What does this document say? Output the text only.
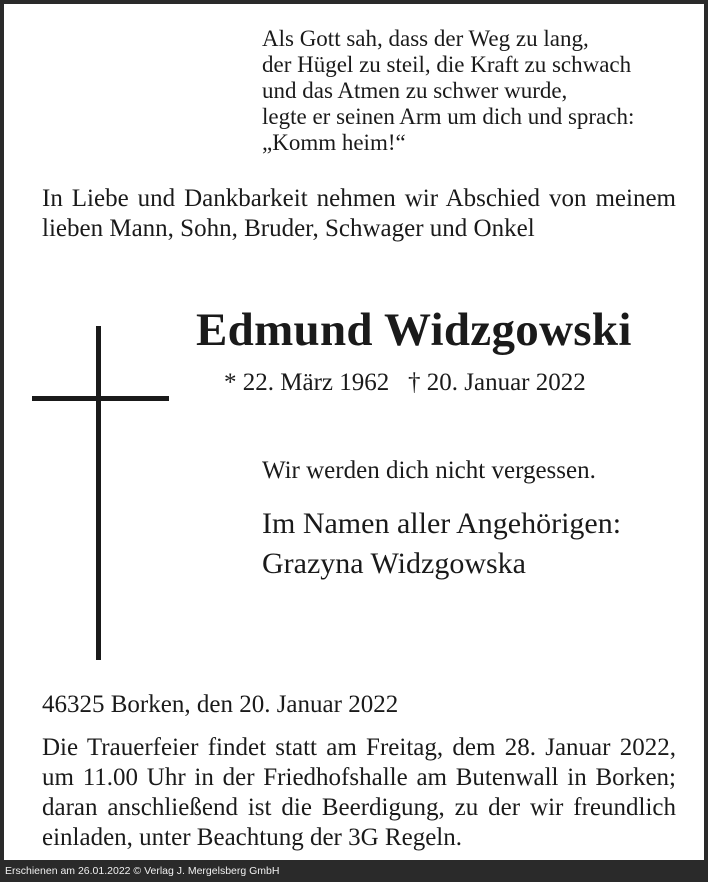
Als Gott sah, dass der Weg zu lang,
der Hügel zu steil, die Kraft zu schwach
und das Atmen zu schwer wurde,
legte er seinen Arm um dich und sprach:
„Komm heim!“
In Liebe und Dankbarkeit nehmen wir Abschied von meinem lieben Mann, Sohn, Bruder, Schwager und Onkel
Edmund Widzgowski
* 22. März 1962 † 20. Januar 2022
Wir werden dich nicht vergessen.
Im Namen aller Angehörigen:
Grazyna Widzgowska
46325 Borken, den 20. Januar 2022
Die Trauerfeier findet statt am Freitag, dem 28. Januar 2022, um 11.00 Uhr in der Friedhofshalle am Butenwall in Borken; daran anschließend ist die Beerdigung, zu der wir freundlich einladen, unter Beachtung der 3G Regeln.
Erschienen am 26.01.2022 © Verlag J. Mergelsberg GmbH
